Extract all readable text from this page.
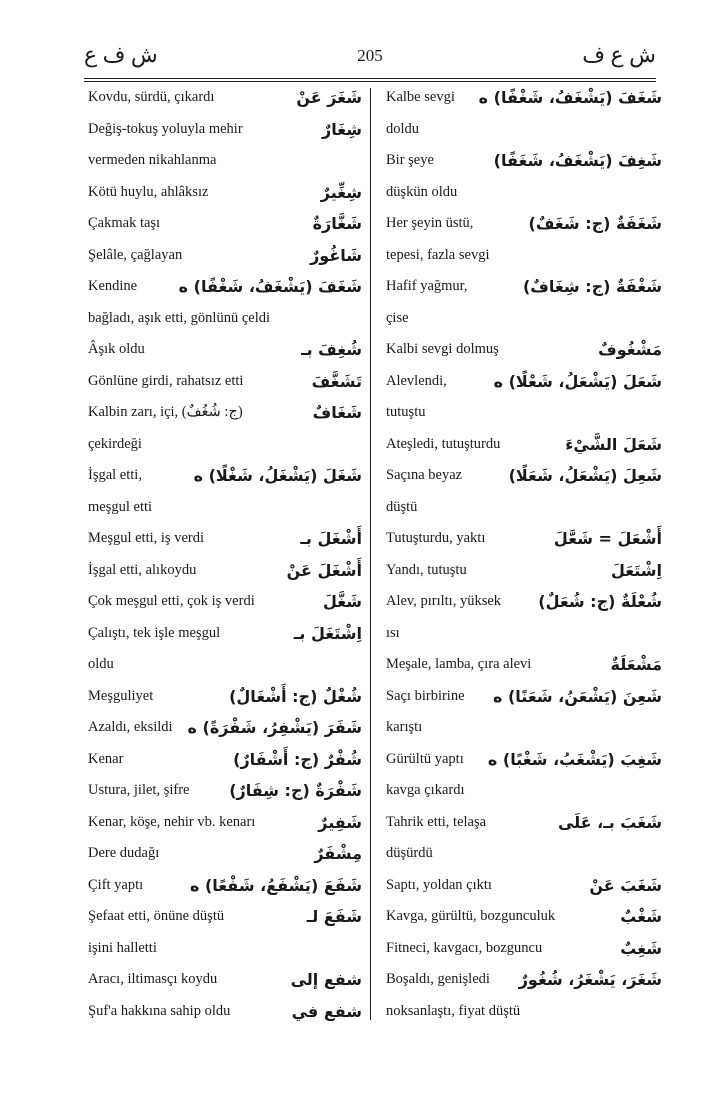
ش ف ع	205	ش ع ف
Kovdu, sürdü, çıkardı	شَغَرَ عَنْ
Değiş-tokuş yoluyla mehir	شِغَارٌ
vermeden nikahlanma
Kötü huylu, ahlâksız	شِغِّيرٌ
Çakmak taşı	شَغَّارَةٌ
Şelâle, çağlayan	شَاغُورٌ
Kendine	شَغَفَ (يَشْغَفُ، شَغْفًا) ه
bağladı, aşık etti, gönlünü çeldi
Âşık oldu	شُغِفَ بـ
Gönlüne girdi, rahatsız etti	تَشَغَّفَ
Kalbin zarı, içi, (ج: شُغُفٌ)	شَغَافٌ
çekirdeği
İşgal etti,	شَغَلَ (يَشْغَلُ، شَغْلًا) ه
meşgul etti
Meşgul etti, iş verdi	أَشْغَلَ بـ
İşgal etti, alıkoydu	أَشْغَلَ عَنْ
Çok meşgul etti, çok iş verdi	شَغَّلَ
Çalıştı, tek işle meşgul	اِشْتَغَلَ بـ
oldu
Meşguliyet	شُغْلٌ (ج: أَشْغَالٌ)
Azaldı, eksildi شَفَرَ (يَشْفِرُ، شَفْرَةً) ه
Kenar	شُفْرٌ (ج: أَشْفَارٌ)
Ustura, jilet, şifre شَفْرَةٌ (ج: شِفَارٌ)
Kenar, köşe, nehir vb. kenarı	شَفِيرٌ
Dere dudağı	مِشْفَرٌ
Çift yaptı	شَفَعَ (يَشْفَعُ، شَفْعًا) ه
Şefaat etti, önüne düştü	شَفَعَ لـ
işini halletti
Aracı, iltimasçı koydu	شفع إلى
Şuf'a hakkına sahip oldu	شفع في
Kalbe sevgi شَغَفَ (يَشْغَفُ، شَغْفًا) ه
doldu
Bir şeye	شَغِفَ (يَشْغَفُ، شَغَفًا)
düşkün oldu
Her şeyin üstü,	شَغَفَةٌ (ج: شَغَفٌ)
tepesi, fazla sevgi
Hafif yağmur,	شَغْفَةٌ (ج: شِغَافٌ)
çise
Kalbi sevgi dolmuş	مَشْغُوفٌ
Alevlendi,	شَعَلَ (يَشْعَلُ، شَعْلًا) ه
tutuştu
Ateşledi, tutuşturdu	شَعَلَ الشَّيْءَ
Saçına beyaz	شَعِلَ (يَشْعَلُ، شَعَلًا)
düştü
Tutuşturdu, yaktı	أَشْعَلَ = شَعَّلَ
Yandı, tutuştu	اِشْتَعَلَ
Alev, pırıltı, yüksek شُعْلَةٌ (ج: شُعَلٌ)
ısı
Meşale, lamba, çıra alevi	مَشْعَلَةٌ
Saçı birbirine شَعِنَ (يَشْعَنُ، شَعَنًا) ه
karıştı
Gürültü yaptı شَغِبَ (يَشْغَبُ، شَغْبًا) ه
kavga çıkardı
Tahrik etti, telaşa	شَغَبَ بـ، عَلَى
düşürdü
Saptı, yoldan çıktı	شَغَبَ عَنْ
Kavga, gürültü, bozgunculuk	شَغْبٌ
Fitneci, kavgacı, bozguncu	شَغِبٌ
Boşaldı, genişledi شَغَرَ، يَشْغَرُ، شُغُورٌ
noksanlaştı, fiyat düştü
